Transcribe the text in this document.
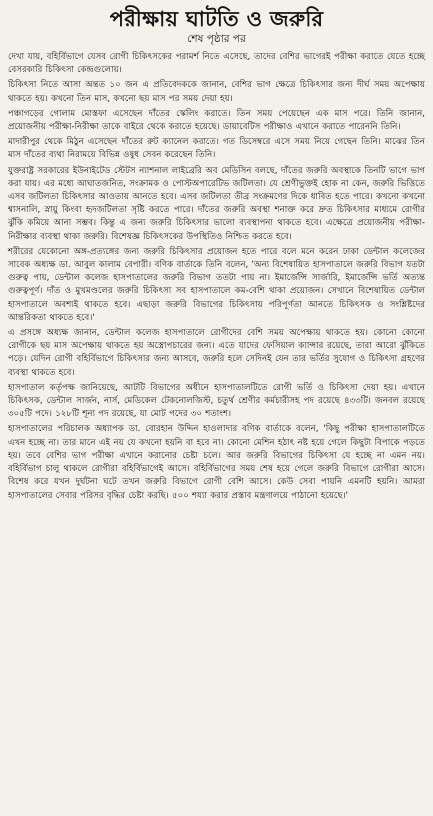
পরীক্ষায় ঘাটতি ও জরুরি
শেষ পৃষ্ঠার পর

দেখা যায়, বহির্বিভাগে যেসব রোগী চিকিৎসকের পরামর্শ নিতে এসেছে, তাদের বেশির ভাগেরই পরীক্ষা করাতে যেতে হচ্ছে বেসরকারি চিকিৎসা কেন্দ্রগুলোয়।

চিকিৎসা নিতে আসা অন্তত ১০ জন এ প্রতিবেদককে জানান, বেশির ভাগ ক্ষেত্রে চিকিৎসার জন্য দীর্ঘ সময় অপেক্ষায় থাকতে হয়। কখনো তিন মাস, কখনো ছয় মাস পর সময় দেয়া হয়।

পঞ্চাগড়ের গোলাম মোস্তফা এসেছেন দাঁতের স্কেলিং করাতে। তিন সময় পেয়েছেন এক মাস পরে। তিনি জানান, প্রয়োজনীয় পরীক্ষা-নিরীক্ষা তাকে বাইরে থেকে করাতে হয়েছে। ডায়াবেটিস পরীক্ষাও এখানে করাতে পারেননি তিনি।

মাদারীপুর থেকে মিঠুন এসেছেন দাঁতের রুট ক্যানেল করাতে। গত ডিসেম্বরে এসে সময় নিয়ে গেছেন তিনি। মাঝের তিন মাস দাঁতের ব্যথা নিরাময়ে বিভিন্ন ওষুধ সেবন করেছেন তিনি।

যুক্তরাষ্ট্র সরকারের ইউনাইটেড স্টেটস ন্যাশনাল লাইব্রেরি অব মেডিসিন বলছে, দাঁতের জরুরি অবস্থাকে তিনটি ভাগে ভাগ করা যায়। এর মধ্যে আঘাতজনিত, সংক্রামক ও পোস্টঅপারেটিভ জটিলতা। যে শ্রেণীভুক্তই হোক না কেন, জরুরি ভিত্তিতে এসব জটিলতা চিকিৎসার আওতায় আনতে হবে। এসব জটিলতা তীব্র সংক্রমণের দিকে ধাবিত হতে পারে। কখনো কখনো শ্বাসনালি, স্নায়ু কিংবা হৃদজটিলতা সৃষ্টি করতে পারে। দাঁতের জরুরি অবস্থা শনাক্ত করে দ্রুত চিকিৎসার মাধ্যমে রোগীর ঝুঁকি কমিয়ে আনা সম্ভব। কিন্তু এ জন্য জরুরি চিকিৎসার ভালো ব্যবস্থাপনা থাকতে হবে। এক্ষেত্রে প্রয়োজনীয় পরীক্ষা-নিরীক্ষার ব্যবস্থা থাকা জরুরি। বিশেষজ্ঞ চিকিৎসকের উপস্থিতিও নিশ্চিত করতে হবে।

শরীরের যেকোনো অঙ্গ-প্রত্যঙ্গের জন্য জরুরি চিকিৎসার প্রয়োজন হতে পারে বলে মনে করেন ঢাকা ডেন্টাল কলেজের সাবেক অধ্যক্ষ ডা. আবুল কালাম বেপারী। বণিক বার্তাকে তিনি বলেন, 'অন্য বিশেষায়িত হাসপাতালে জরুরি বিভাগ যতটা গুরুত্ব পায়, ডেন্টাল কলেজ হাসপাতালের জরুরি বিভাগ ততটা পায় না। ইমার্জেন্সি সার্জারি, ইমার্জেন্সি ভর্তি অত্যন্ত গুরুত্বপূর্ণ। দাঁত ও মুখমণ্ডলের জরুরি চিকিৎসা সব হাসপাতালে কম-বেশি থাকা প্রয়োজন। সেখানে বিশেষায়িত ডেন্টাল হাসপাতালে অবশ্যই থাকতে হবে। এছাড়া জরুরি বিভাগের চিকিৎসায় পরিপূর্ণতা আনতে চিকিৎসক ও সংশ্লিষ্টদের আন্তরিকতা থাকতে হবে।'

এ প্রসঙ্গে অধ্যক্ষ জানান, ডেন্টাল কলেজ হাসপাতালে রোগীদের বেশি সময় অপেক্ষায় থাকতে হয়। কোনো কোনো রোগীকে ছয় মাস অপেক্ষায় থাকতে হয় অস্ত্রোপচারের জন্য। এতে যাদের ফেসিয়াল ক্যান্সার রয়েছে, তারা আরো ঝুঁকিতে পড়ে। যেদিন রোগী বহির্বিভাগে চিকিৎসার জন্য আসবে, জরুরি হলে সেদিনই যেন তার ভর্তির সুযোগ ও চিকিৎসা গ্রহণের ব্যবস্থা থাকতে হবে।

হাসপাতাল কর্তৃপক্ষ জানিয়েছে, আটটি বিভাগের অধীনে হাসপাতালটিতে রোগী ভর্তি ও চিকিৎসা দেয়া হয়। এখানে চিকিৎসক, ডেন্টাল সার্জন, নার্স, মেডিকেল টেকনোলজিস্ট, চতুর্থ শ্রেণীর কর্মচারীসহ পদ রয়েছে ৪৩৩টি। জনবল রয়েছে ৩০৫টি পদে। ১২৮টি শূন্য পদ রয়েছে, যা মোট পদের ৩০ শতাংশ।

হাসপাতালের পরিচালক অধ্যাপক ডা. বোরহান উদ্দিন হাওলাদার বণিক বার্তাকে বলেন, 'কিছু পরীক্ষা হাসপাতালটিতে এখন হচ্ছে না। তার মানে এই নয় যে কখনো হয়নি বা হবে না। কোনো মেশিন হঠাৎ নষ্ট হয়ে গেলে কিছুটা বিপাকে পড়তে হয়। তবে বেশির ভাগ পরীক্ষা এখানে করানোর চেষ্টা চলে। আর জরুরি বিভাগের চিকিৎসা যে হচ্ছে না এমন নয়। বহির্বিভাগ চালু থাকলে রোগীরা বহির্বিভাগেই আসে। বহির্বিভাগের সময় শেষ হয়ে গেলে জরুরি বিভাগে রোগীরা আসে। বিশেষ করে যখন দুর্ঘটনা ঘটে তখন জরুরি বিভাগে রোগী বেশি আসে। কেউ সেবা পায়নি এমনটি হয়নি। আমরা হাসপাতালের সেবার পরিসর বৃদ্ধির চেষ্টা করছি। ৫০০ শয্যা করার প্রস্তাব মন্ত্রণালয়ে পাঠানো হয়েছে।'
